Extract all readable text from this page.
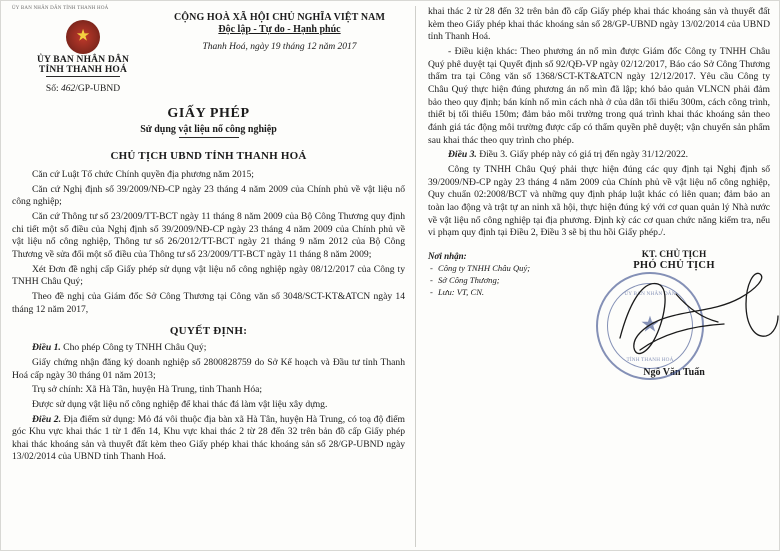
ỦY BAN NHÂN DÂN TỈNH THANH HOÁ
★
ỦY BAN NHÂN DÂN
TỈNH THANH HOÁ
Số: 462/GP-UBND
CỘNG HOÀ XÃ HỘI CHỦ NGHĨA VIỆT NAM
Độc lập - Tự do - Hạnh phúc
Thanh Hoá, ngày 19 tháng 12 năm 2017
GIẤY PHÉP
Sử dụng vật liệu nổ công nghiệp
CHỦ TỊCH UBND TỈNH THANH HOÁ

Căn cứ Luật Tổ chức Chính quyền địa phương năm 2015;

Căn cứ Nghị định số 39/2009/NĐ-CP ngày 23 tháng 4 năm 2009 của Chính phủ về vật liệu nổ công nghiệp;

Căn cứ Thông tư số 23/2009/TT-BCT ngày 11 tháng 8 năm 2009 của Bộ Công Thương quy định chi tiết một số điều của Nghị định số 39/2009/NĐ-CP ngày 23 tháng 4 năm 2009 của Chính phủ về vật liệu nổ công nghiệp, Thông tư số 26/2012/TT-BCT ngày 21 tháng 9 năm 2012 của Bộ Công Thương về sửa đổi một số điều của Thông tư số 23/2009/TT-BCT ngày 11 tháng 8 năm 2009;

Xét Đơn đề nghị cấp Giấy phép sử dụng vật liệu nổ công nghiệp ngày 08/12/2017 của Công ty TNHH Châu Quý;

Theo đề nghị của Giám đốc Sở Công Thương tại Công văn số 3048/SCT-KT&ATCN ngày 14 tháng 12 năm 2017,

QUYẾT ĐỊNH:

Điều 1. Cho phép Công ty TNHH Châu Quý;

Giấy chứng nhận đăng ký doanh nghiệp số 2800828759 do Sở Kế hoạch và Đầu tư tỉnh Thanh Hoá cấp ngày 30 tháng 01 năm 2013;

Trụ sở chính: Xã Hà Tân, huyện Hà Trung, tỉnh Thanh Hóa;

Được sử dụng vật liệu nổ công nghiệp để khai thác đá làm vật liệu xây dựng.

Điều 2. Địa điểm sử dụng: Mỏ đá vôi thuộc địa bàn xã Hà Tân, huyện Hà Trung, có toạ độ điểm góc Khu vực khai thác 1 từ 1 đến 14, Khu vực khai thác 2 từ 28 đến 32 trên bản đồ cấp Giấy phép khai thác khoáng sản và thuyết đất kèm theo Giấy phép khai thác khoáng sản số 28/GP-UBND ngày 13/02/2014 của UBND tỉnh Thanh Hoá.

khai thác 2 từ 28 đến 32 trên bản đồ cấp Giấy phép khai thác khoáng sản và thuyết đất kèm theo Giấy phép khai thác khoáng sản số 28/GP-UBND ngày 13/02/2014 của UBND tỉnh Thanh Hoá.

- Điều kiện khác: Theo phương án nổ mìn được Giám đốc Công ty TNHH Châu Quý phê duyệt tại Quyết định số 92/QĐ-VP ngày 02/12/2017, Báo cáo Sở Công Thương thẩm tra tại Công văn số 1368/SCT-KT&ATCN ngày 12/12/2017. Yêu cầu Công ty Châu Quý thực hiện đúng phương án nổ mìn đã lập; khó bảo quản VLNCN phải đảm bảo theo quy định; bán kính nổ mìn cách nhà ở của dân tối thiểu 300m, cách công trình, thiết bị tối thiểu 150m; đảm bảo môi trường trong quá trình khai thác khoáng sản theo đánh giá tác động môi trường được cấp có thẩm quyền phê duyệt; vận chuyển sản phẩm sau khai thác theo quy trình cho phép.

Điều 3. Điều 3. Giấy phép này có giá trị đến ngày 31/12/2022.

Công ty TNHH Châu Quý phải thực hiện đúng các quy định tại Nghị định số 39/2009/NĐ-CP ngày 23 tháng 4 năm 2009 của Chính phủ về vật liệu nổ công nghiệp, Quy chuẩn 02:2008/BCT và những quy định pháp luật khác có liên quan; đảm bảo an toàn lao động và trật tự an ninh xã hội, thực hiện đúng ký với cơ quan quản lý Nhà nước về vật liệu nổ công nghiệp tại địa phương. Định kỳ các cơ quan chức năng kiểm tra, nếu vi phạm quy định tại Điều 2, Điều 3 sẽ bị thu hồi Giấy phép./.

Nơi nhận:
- Công ty TNHH Châu Quý;
- Sở Công Thương;
- Lưu: VT, CN.
KT. CHỦ TỊCH
PHÓ CHỦ TỊCH
ỦY BAN NHÂN DÂN
TỈNH THANH HOÁ
★
Ngô Văn Tuấn
